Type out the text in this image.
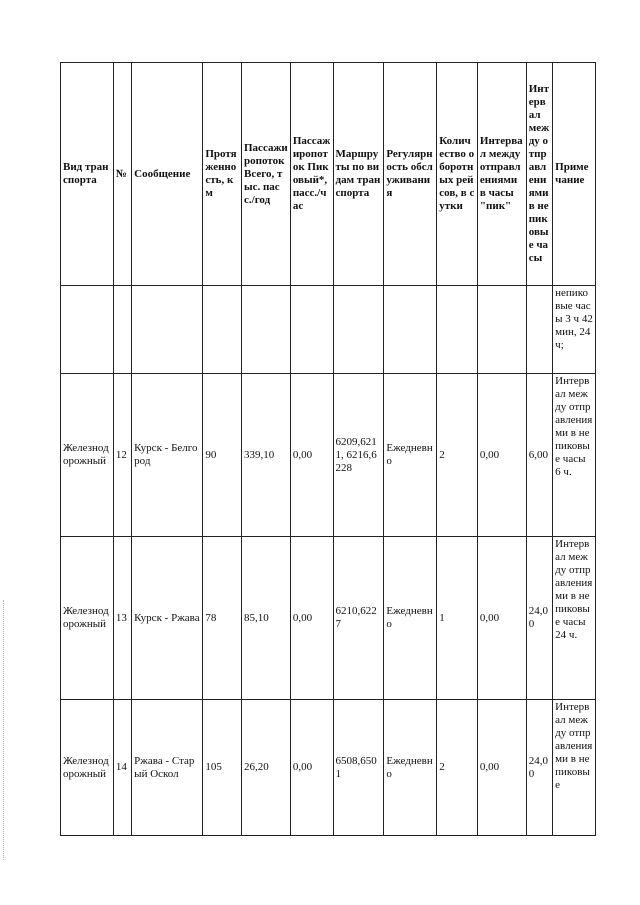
Вид транспорта	№	Сообщение	Протяженность, км	Пассажиропоток Всего, тыс. пасс./год	Пассажиропоток Пиковый*, пасс./час	Маршруты по видам транспорта	Регулярность обслуживания	Количество оборотных рейсов, в сутки	Интервал между отправлениями в часы "пик"	Интервал между отправлениями в непиковые часы	Примечание
											непиковые часы 3 ч 42 мин, 24 ч;
Железнодорожный	12	Курск - Белгород	90	339,10	0,00	6209,6211, 6216,6228	Ежедневно	2	0,00	6,00	Интервал между отправлениями в непиковые часы 6 ч.
Железнодорожный	13	Курск - Ржава	78	85,10	0,00	6210,6227	Ежедневно	1	0,00	24,00	Интервал между отправлениями в непиковые часы 24 ч.
Железнодорожный	14	Ржава - Старый Оскол	105	26,20	0,00	6508,6501	Ежедневно	2	0,00	24,00	Интервал между отправлениями в непиковые
